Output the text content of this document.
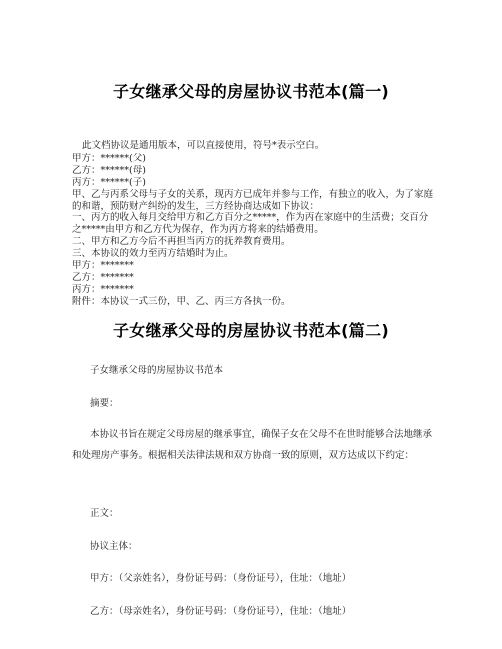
子女继承父母的房屋协议书范本(篇一)

此文档协议是通用版本，可以直接使用，符号*表示空白。

甲方：******(父)

乙方：******(母)

丙方：******(子)

甲、乙与丙系父母与子女的关系，现丙方已成年并参与工作，有独立的收入，为了家庭的和谐，预防财产纠纷的发生，三方经协商达成如下协议：

一、丙方的收入每月交给甲方和乙方百分之*****，作为丙在家庭中的生活费；交百分之*****由甲方和乙方代为保存，作为丙方将来的结婚费用。

二、甲方和乙方今后不再担当丙方的抚养教育费用。

三、本协议的效力至丙方结婚时为止。

甲方：*******

乙方：*******

丙方：*******

附件：本协议一式三份，甲、乙、丙三方各执一份。

子女继承父母的房屋协议书范本(篇二)

子女继承父母的房屋协议书范本

摘要：

本协议书旨在规定父母房屋的继承事宜，确保子女在父母不在世时能够合法地继承和处理房产事务。根据相关法律法规和双方协商一致的原则，双方达成以下约定：

正文：

协议主体：

甲方：（父亲姓名），身份证号码：（身份证号），住址：（地址）

乙方：（母亲姓名），身份证号码：（身份证号），住址：（地址）
